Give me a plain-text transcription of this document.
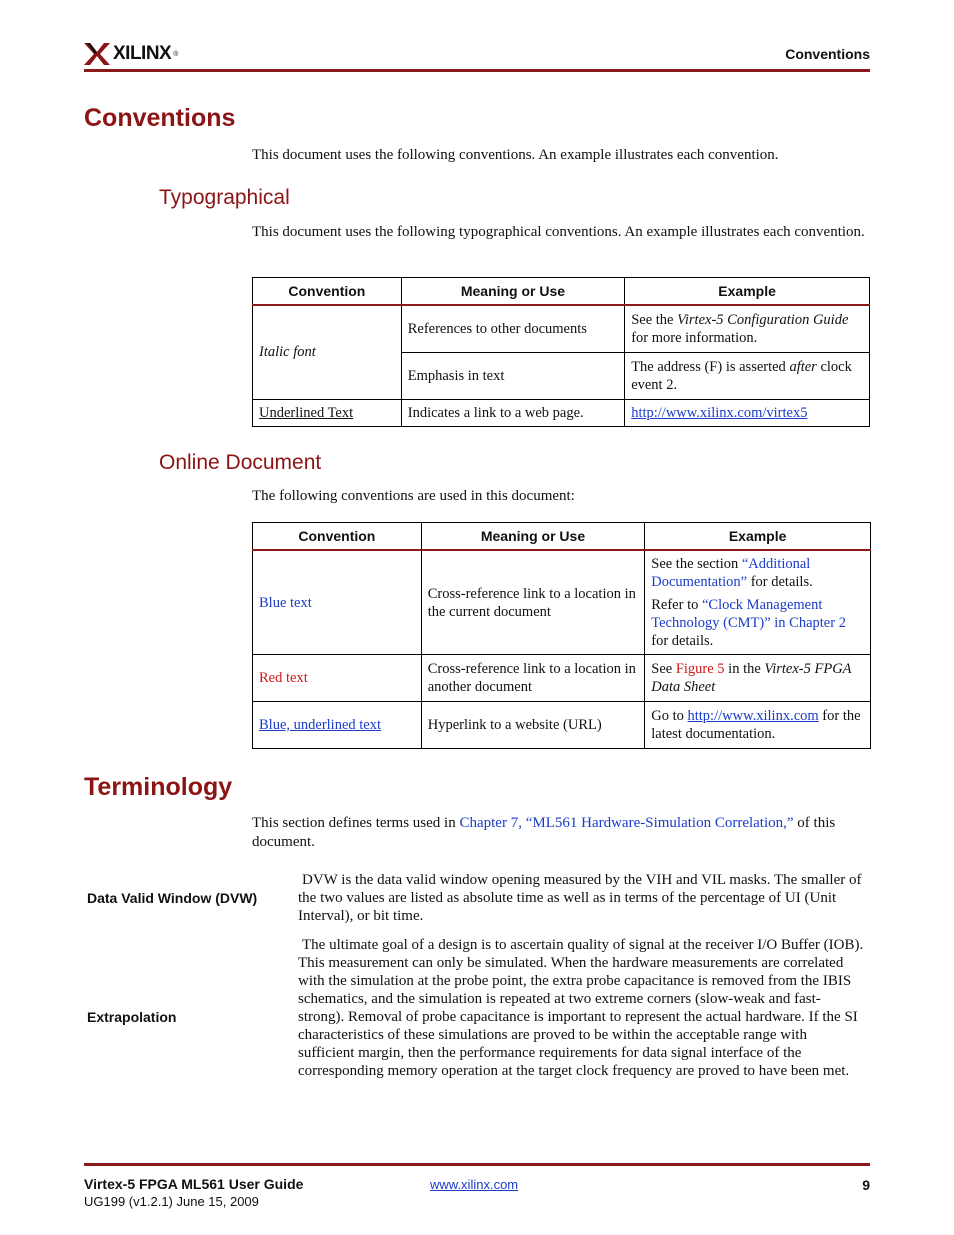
XILINX ®	Conventions
Conventions
This document uses the following conventions. An example illustrates each convention.
Typographical
This document uses the following typographical conventions. An example illustrates each convention.
Convention	Meaning or Use	Example
Italic font	References to other documents	See the Virtex-5 Configuration Guide for more information.
	Emphasis in text	The address (F) is asserted after clock event 2.
Underlined Text	Indicates a link to a web page.	http://www.xilinx.com/virtex5
Online Document
The following conventions are used in this document:
Convention	Meaning or Use	Example
Blue text	Cross-reference link to a location in the current document	See the section “Additional Documentation” for details.
Refer to “Clock Management Technology (CMT)” in Chapter 2 for details.

Red text	Cross-reference link to a location in another document	See Figure 5 in the Virtex-5 FPGA Data Sheet
Blue, underlined text	Hyperlink to a website (URL)	Go to http://www.xilinx.com for the latest documentation.
Terminology
This section defines terms used in Chapter 7, “ML561 Hardware-Simulation Correlation,” of this document.
Data Valid Window (DVW)
DVW is the data valid window opening measured by the VIH and VIL masks. The smaller of the two values are listed as absolute time as well as in terms of the percentage of UI (Unit Interval), or bit time.
Extrapolation
The ultimate goal of a design is to ascertain quality of signal at the receiver I/O Buffer (IOB). This measurement can only be simulated. When the hardware measurements are correlated with the simulation at the probe point, the extra probe capacitance is removed from the IBIS schematics, and the simulation is repeated at two extreme corners (slow-weak and fast-strong). Removal of probe capacitance is important to represent the actual hardware. If the SI characteristics of these simulations are proved to be within the acceptable range with sufficient margin, then the performance requirements for data signal interface of the corresponding memory operation at the target clock frequency are proved to have been met.
Virtex-5 FPGA ML561 User Guide
UG199 (v1.2.1) June 15, 2009
www.xilinx.com	9
